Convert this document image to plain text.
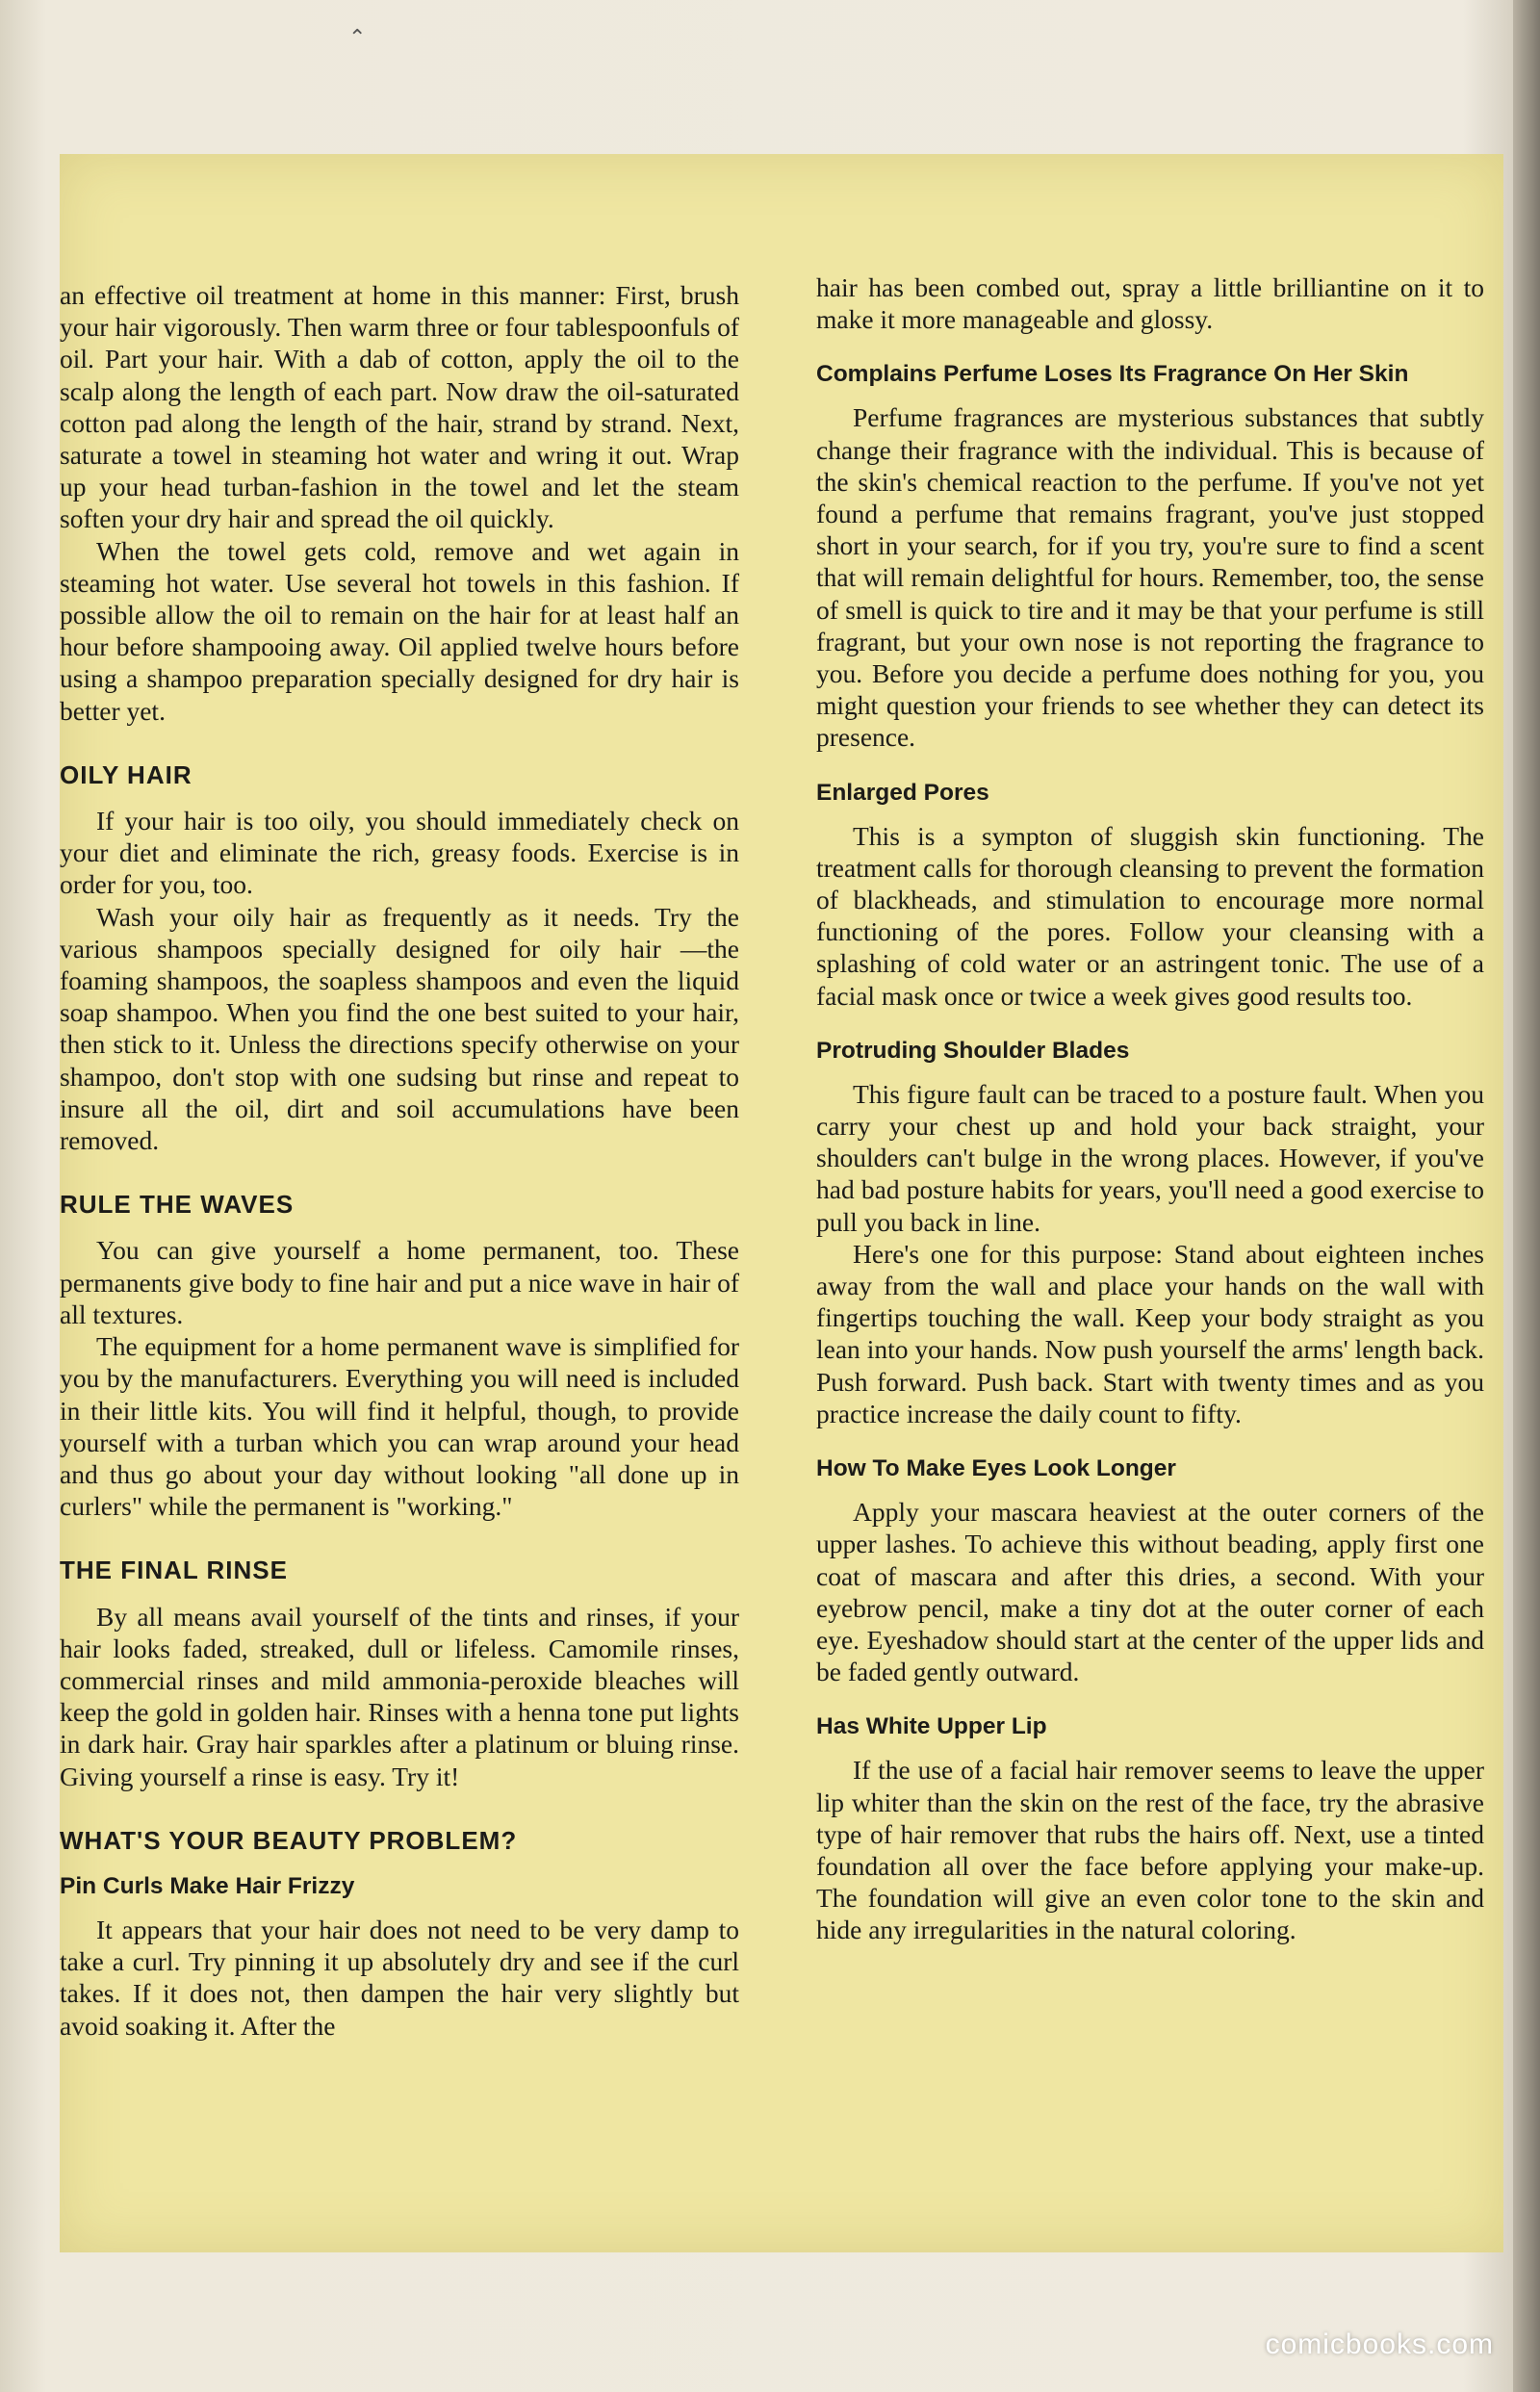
⌃

an effective oil treatment at home in this manner: First, brush your hair vigorously. Then warm three or four tablespoonfuls of oil. Part your hair. With a dab of cotton, apply the oil to the scalp along the length of each part. Now draw the oil-saturated cotton pad along the length of the hair, strand by strand. Next, saturate a towel in steaming hot water and wring it out. Wrap up your head turban-fashion in the towel and let the steam soften your dry hair and spread the oil quickly.

When the towel gets cold, remove and wet again in steaming hot water. Use several hot towels in this fashion. If possible allow the oil to remain on the hair for at least half an hour before shampooing away. Oil applied twelve hours before using a shampoo preparation specially designed for dry hair is better yet.

OILY HAIR

If your hair is too oily, you should immediately check on your diet and eliminate the rich, greasy foods. Exercise is in order for you, too.

Wash your oily hair as frequently as it needs. Try the various shampoos specially designed for oily hair —the foaming shampoos, the soapless shampoos and even the liquid soap shampoo. When you find the one best suited to your hair, then stick to it. Unless the directions specify otherwise on your shampoo, don't stop with one sudsing but rinse and repeat to insure all the oil, dirt and soil accumulations have been removed.

RULE THE WAVES

You can give yourself a home permanent, too. These permanents give body to fine hair and put a nice wave in hair of all textures.

The equipment for a home permanent wave is simplified for you by the manufacturers. Everything you will need is included in their little kits. You will find it helpful, though, to provide yourself with a turban which you can wrap around your head and thus go about your day without looking "all done up in curlers" while the permanent is "working."

THE FINAL RINSE

By all means avail yourself of the tints and rinses, if your hair looks faded, streaked, dull or lifeless. Camomile rinses, commercial rinses and mild ammonia-peroxide bleaches will keep the gold in golden hair. Rinses with a henna tone put lights in dark hair. Gray hair sparkles after a platinum or bluing rinse. Giving yourself a rinse is easy. Try it!

WHAT'S YOUR BEAUTY PROBLEM?
Pin Curls Make Hair Frizzy

It appears that your hair does not need to be very damp to take a curl. Try pinning it up absolutely dry and see if the curl takes. If it does not, then dampen the hair very slightly but avoid soaking it. After the

hair has been combed out, spray a little brilliantine on it to make it more manageable and glossy.

Complains Perfume Loses Its Fragrance On Her Skin

Perfume fragrances are mysterious substances that subtly change their fragrance with the individual. This is because of the skin's chemical reaction to the perfume. If you've not yet found a perfume that remains fragrant, you've just stopped short in your search, for if you try, you're sure to find a scent that will remain delightful for hours. Remember, too, the sense of smell is quick to tire and it may be that your perfume is still fragrant, but your own nose is not reporting the fragrance to you. Before you decide a perfume does nothing for you, you might question your friends to see whether they can detect its presence.

Enlarged Pores

This is a sympton of sluggish skin functioning. The treatment calls for thorough cleansing to prevent the formation of blackheads, and stimulation to encourage more normal functioning of the pores. Follow your cleansing with a splashing of cold water or an astringent tonic. The use of a facial mask once or twice a week gives good results too.

Protruding Shoulder Blades

This figure fault can be traced to a posture fault. When you carry your chest up and hold your back straight, your shoulders can't bulge in the wrong places. However, if you've had bad posture habits for years, you'll need a good exercise to pull you back in line.

Here's one for this purpose: Stand about eighteen inches away from the wall and place your hands on the wall with fingertips touching the wall. Keep your body straight as you lean into your hands. Now push yourself the arms' length back. Push forward. Push back. Start with twenty times and as you practice increase the daily count to fifty.

How To Make Eyes Look Longer

Apply your mascara heaviest at the outer corners of the upper lashes. To achieve this without beading, apply first one coat of mascara and after this dries, a second. With your eyebrow pencil, make a tiny dot at the outer corner of each eye. Eyeshadow should start at the center of the upper lids and be faded gently outward.

Has White Upper Lip

If the use of a facial hair remover seems to leave the upper lip whiter than the skin on the rest of the face, try the abrasive type of hair remover that rubs the hairs off. Next, use a tinted foundation all over the face before applying your make-up. The foundation will give an even color tone to the skin and hide any irregularities in the natural coloring.

comicbooks.com
